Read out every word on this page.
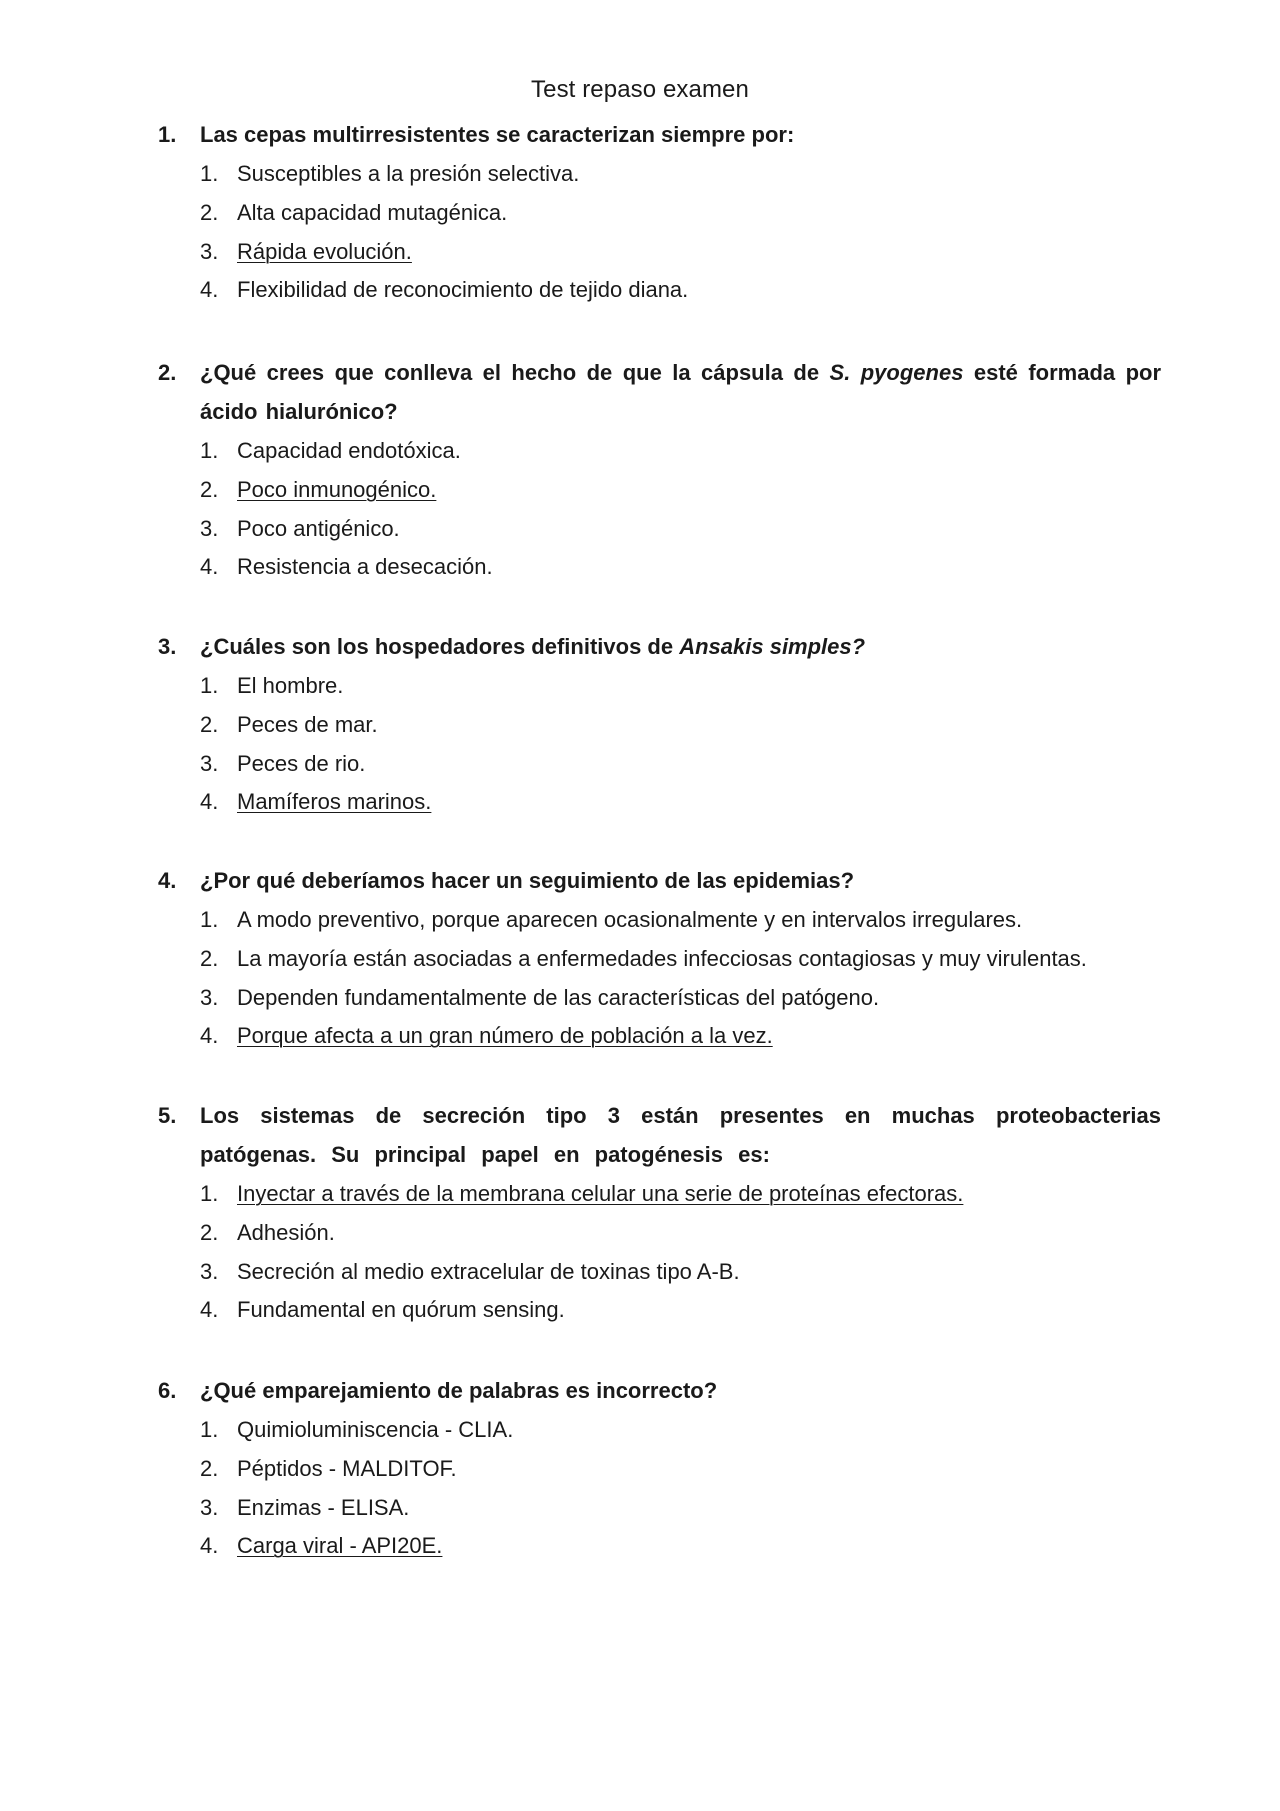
Test repaso examen
1.	Las cepas multirresistentes se caracterizan siempre por:
1. Susceptibles a la presión selectiva.
2. Alta capacidad mutagénica.
3. Rápida evolución.
4. Flexibilidad de reconocimiento de tejido diana.
2.	¿Qué crees que conlleva el hecho de que la cápsula de S. pyogenes esté formada por ácido hialurónico?
1. Capacidad endotóxica.
2. Poco inmunogénico.
3. Poco antigénico.
4. Resistencia a desecación.
3.	¿Cuáles son los hospedadores definitivos de Ansakis simples?
1. El hombre.
2. Peces de mar.
3. Peces de rio.
4. Mamíferos marinos.
4.	¿Por qué deberíamos hacer un seguimiento de las epidemias?
1. A modo preventivo, porque aparecen ocasionalmente y en intervalos irregulares.
2. La mayoría están asociadas a enfermedades infecciosas contagiosas y muy virulentas.
3. Dependen fundamentalmente de las características del patógeno.
4. Porque afecta a un gran número de población a la vez.
5.	Los sistemas de secreción tipo 3 están presentes en muchas proteobacterias patógenas. Su principal papel en patogénesis es:
1. Inyectar a través de la membrana celular una serie de proteínas efectoras.
2. Adhesión.
3. Secreción al medio extracelular de toxinas tipo A-B.
4. Fundamental en quórum sensing.
6.	¿Qué emparejamiento de palabras es incorrecto?
1. Quimioluminiscencia - CLIA.
2. Péptidos - MALDITOF.
3. Enzimas - ELISA.
4. Carga viral - API20E.
